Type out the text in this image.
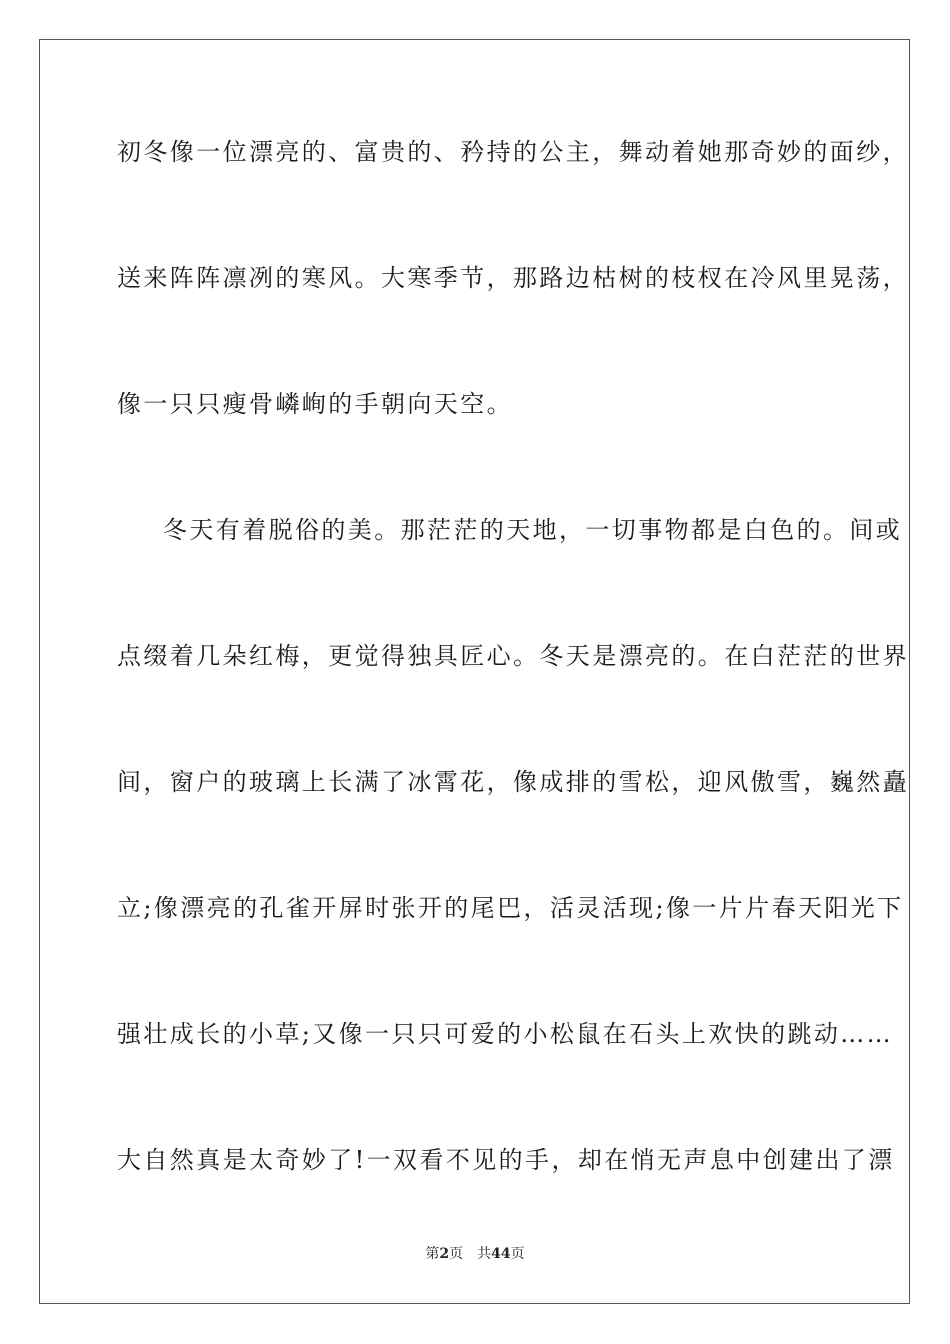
初冬像一位漂亮的、富贵的、矜持的公主，舞动着她那奇妙的面纱，
送来阵阵凛冽的寒风。大寒季节，那路边枯树的枝杈在冷风里晃荡，
像一只只瘦骨嶙峋的手朝向天空。
冬天有着脱俗的美。那茫茫的天地，一切事物都是白色的。间或
点缀着几朵红梅，更觉得独具匠心。冬天是漂亮的。在白茫茫的世界
间，窗户的玻璃上长满了冰霄花，像成排的雪松，迎风傲雪，巍然矗
立;像漂亮的孔雀开屏时张开的尾巴，活灵活现;像一片片春天阳光下
强壮成长的小草;又像一只只可爱的小松鼠在石头上欢快的跳动……
大自然真是太奇妙了!一双看不见的手，却在悄无声息中创建出了漂
第2页 共44页
